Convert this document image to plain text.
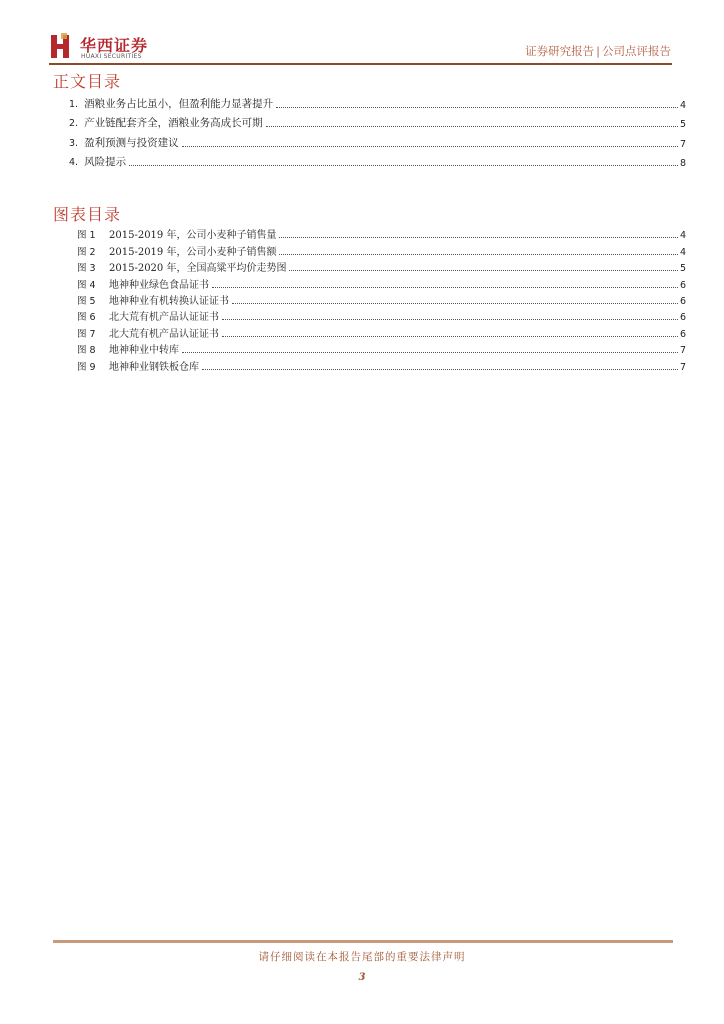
华西证券
HUAXI SECURITIES	证券研究报告 | 公司点评报告
正文目录
1. 酒粮业务占比虽小，但盈利能力显著提升	4
2. 产业链配套齐全，酒粮业务高成长可期	5
3. 盈利预测与投资建议	7
4. 风险提示	8
图表目录
图 1 2015-2019 年，公司小麦种子销售量	4
图 2 2015-2019 年，公司小麦种子销售额	4
图 3 2015-2020 年，全国高粱平均价走势图	5
图 4 地神种业绿色食品证书	6
图 5 地神种业有机转换认证证书	6
图 6 北大荒有机产品认证证书	6
图 7 北大荒有机产品认证证书	6
图 8 地神种业中转库	7
图 9 地神种业钢铁板仓库	7
请仔细阅读在本报告尾部的重要法律声明
3
